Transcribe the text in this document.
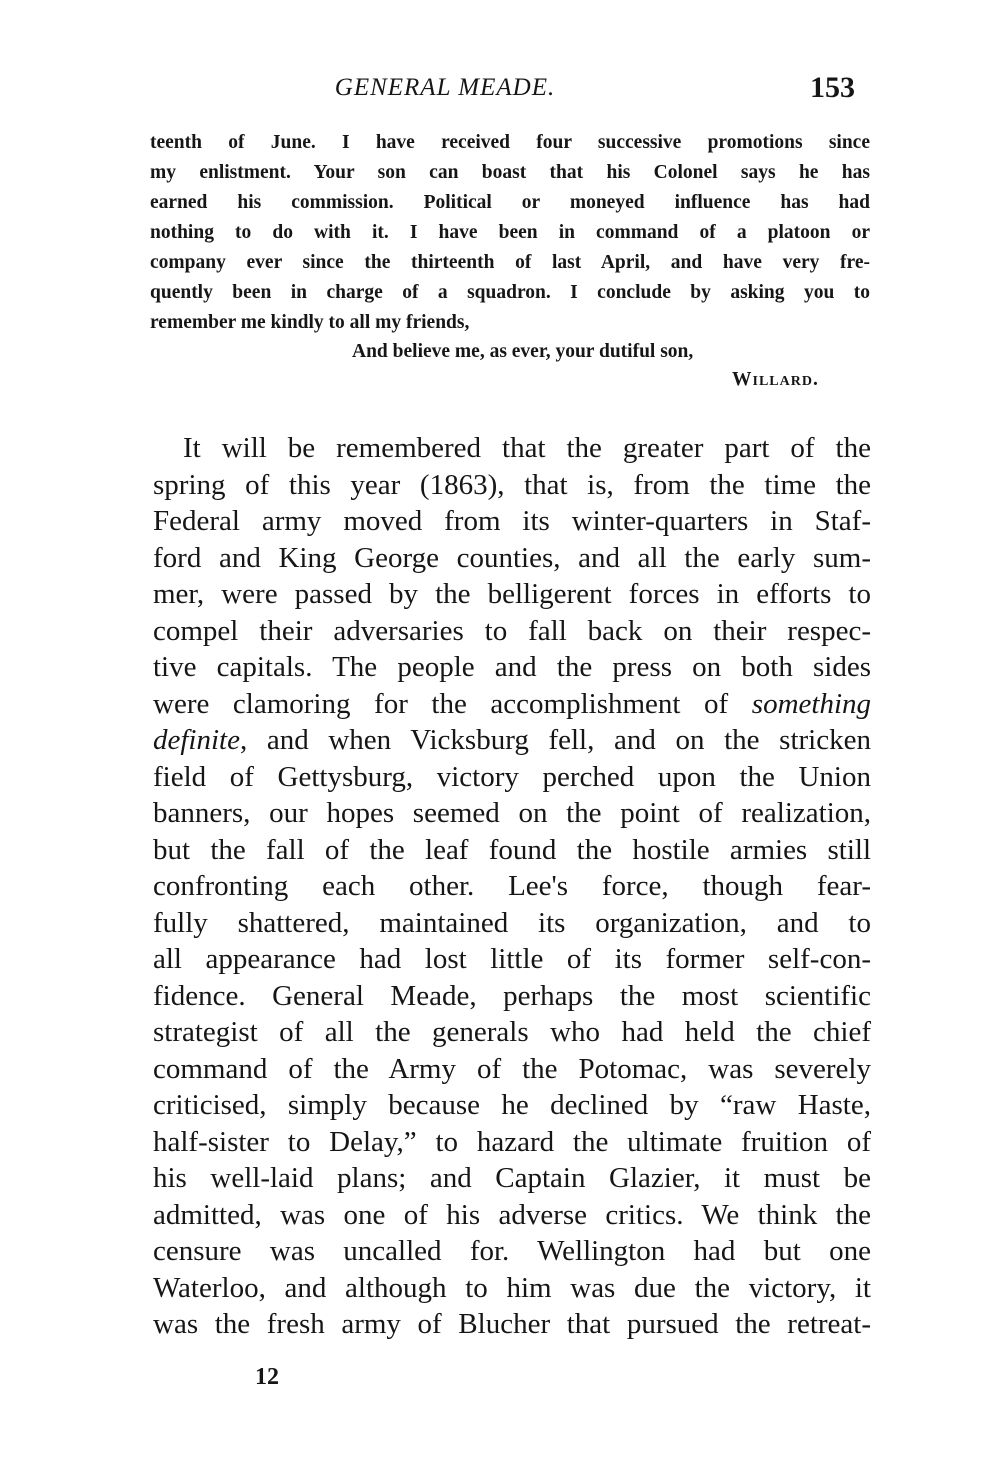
GENERAL MEADE.	153
teenth of June. I have received four successive promotions since
my enlistment. Your son can boast that his Colonel says he has
earned his commission. Political or moneyed influence has had
nothing to do with it. I have been in command of a platoon or
company ever since the thirteenth of last April, and have very fre-
quently been in charge of a squadron. I conclude by asking you to
remember me kindly to all my friends,
And believe me, as ever, your dutiful son,
Willard.
It will be remembered that the greater part of the
spring of this year (1863), that is, from the time the
Federal army moved from its winter-quarters in Staf-
ford and King George counties, and all the early sum-
mer, were passed by the belligerent forces in efforts to
compel their adversaries to fall back on their respec-
tive capitals. The people and the press on both sides
were clamoring for the accomplishment of something
definite, and when Vicksburg fell, and on the stricken
field of Gettysburg, victory perched upon the Union
banners, our hopes seemed on the point of realization,
but the fall of the leaf found the hostile armies still
confronting each other. Lee's force, though fear-
fully shattered, maintained its organization, and to
all appearance had lost little of its former self-con-
fidence. General Meade, perhaps the most scientific
strategist of all the generals who had held the chief
command of the Army of the Potomac, was severely
criticised, simply because he declined by “raw Haste,
half-sister to Delay,” to hazard the ultimate fruition of
his well-laid plans; and Captain Glazier, it must be
admitted, was one of his adverse critics. We think the
censure was uncalled for. Wellington had but one
Waterloo, and although to him was due the victory, it
was the fresh army of Blucher that pursued the retreat-
12
